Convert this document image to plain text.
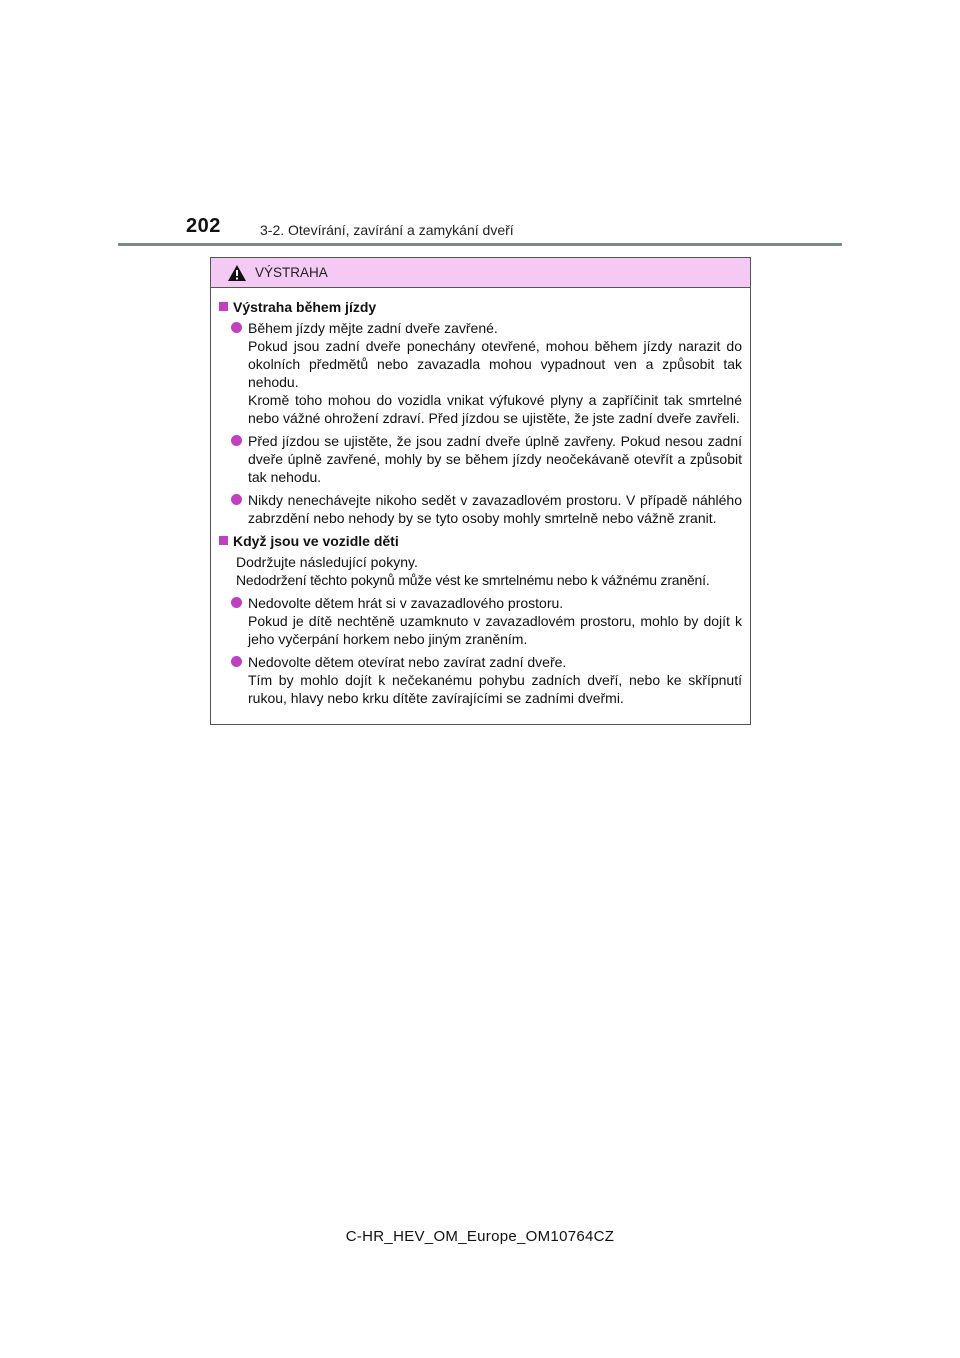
202	3-2. Otevírání, zavírání a zamykání dveří
VÝSTRAHA
Výstraha během jízdy

Během jízdy mějte zadní dveře zavřené.

Pokud jsou zadní dveře ponechány otevřené, mohou během jízdy narazit do okolních předmětů nebo zavazadla mohou vypadnout ven a způsobit tak nehodu.

Kromě toho mohou do vozidla vnikat výfukové plyny a zapříčinit tak smrtelné nebo vážné ohrožení zdraví. Před jízdou se ujistěte, že jste zadní dveře zavřeli.

Před jízdou se ujistěte, že jsou zadní dveře úplně zavřeny. Pokud nesou zadní dveře úplně zavřené, mohly by se během jízdy neočekávaně otevřít a způsobit tak nehodu.

Nikdy nenechávejte nikoho sedět v zavazadlovém prostoru. V případě náhlého zabrzdění nebo nehody by se tyto osoby mohly smrtelně nebo vážně zranit.

Když jsou ve vozidle děti

Dodržujte následující pokyny.

Nedodržení těchto pokynů může vést ke smrtelnému nebo k vážnému zranění.

Nedovolte dětem hrát si v zavazadlového prostoru.

Pokud je dítě nechtěně uzamknuto v zavazadlovém prostoru, mohlo by dojít k jeho vyčerpání horkem nebo jiným zraněním.

Nedovolte dětem otevírat nebo zavírat zadní dveře.

Tím by mohlo dojít k nečekanému pohybu zadních dveří, nebo ke skřípnutí rukou, hlavy nebo krku dítěte zavírajícími se zadními dveřmi.

C-HR_HEV_OM_Europe_OM10764CZ
